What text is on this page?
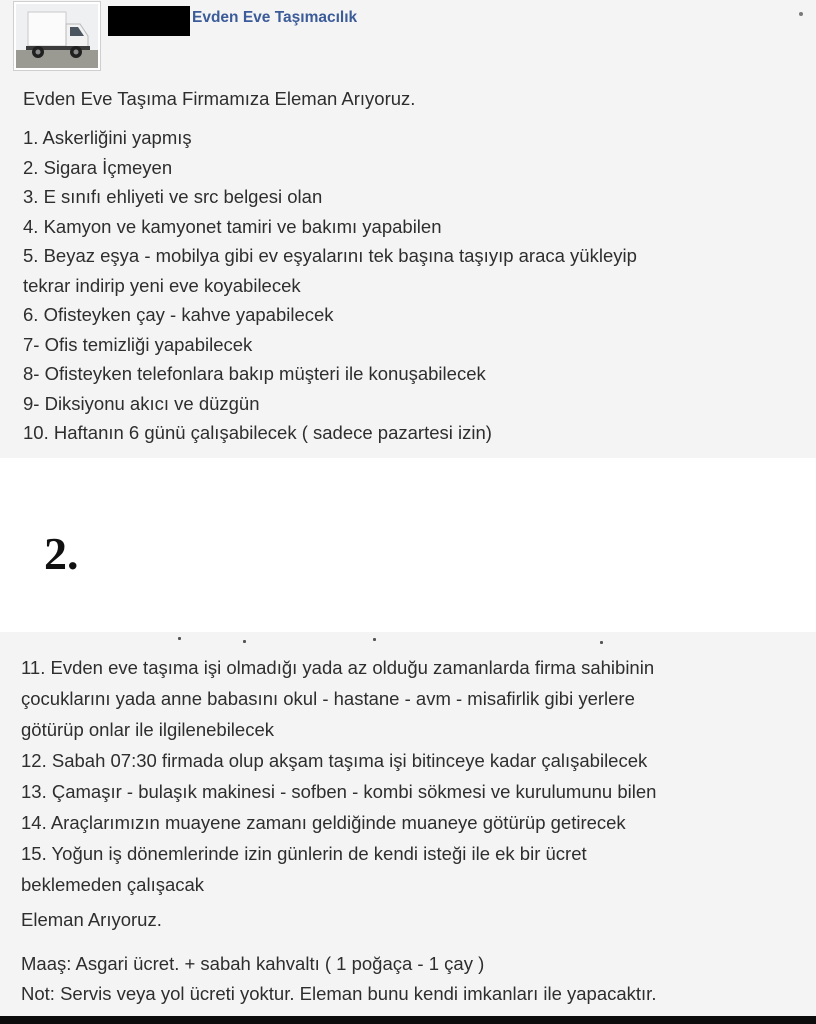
Evden Eve Taşımacılık
Evden Eve Taşıma Firmamıza Eleman Arıyoruz.
1. Askerliğini yapmış
2. Sigara İçmeyen
3. E sınıfı ehliyeti ve src belgesi olan
4. Kamyon ve kamyonet tamiri ve bakımı yapabilen
5. Beyaz eşya - mobilya gibi ev eşyalarını tek başına taşıyıp araca yükleyip
tekrar indirip yeni eve koyabilecek
6. Ofisteyken çay - kahve yapabilecek
7- Ofis temizliği yapabilecek
8- Ofisteyken telefonlara bakıp müşteri ile konuşabilecek
9- Diksiyonu akıcı ve düzgün
10. Haftanın 6 günü çalışabilecek ( sadece pazartesi izin)
2.
11. Evden eve taşıma işi olmadığı yada az olduğu zamanlarda firma sahibinin
çocuklarını yada anne babasını okul - hastane - avm - misafirlik gibi yerlere
götürüp onlar ile ilgilenebilecek
12. Sabah 07:30 firmada olup akşam taşıma işi bitinceye kadar çalışabilecek
13. Çamaşır - bulaşık makinesi - sofben - kombi sökmesi ve kurulumunu bilen
14. Araçlarımızın muayene zamanı geldiğinde muaneye götürüp getirecek
15. Yoğun iş dönemlerinde izin günlerin de kendi isteği ile ek bir ücret
beklemeden çalışacak
Eleman Arıyoruz.
Maaş: Asgari ücret. + sabah kahvaltı ( 1 poğaça - 1 çay )
Not: Servis veya yol ücreti yoktur. Eleman bunu kendi imkanları ile yapacaktır.
